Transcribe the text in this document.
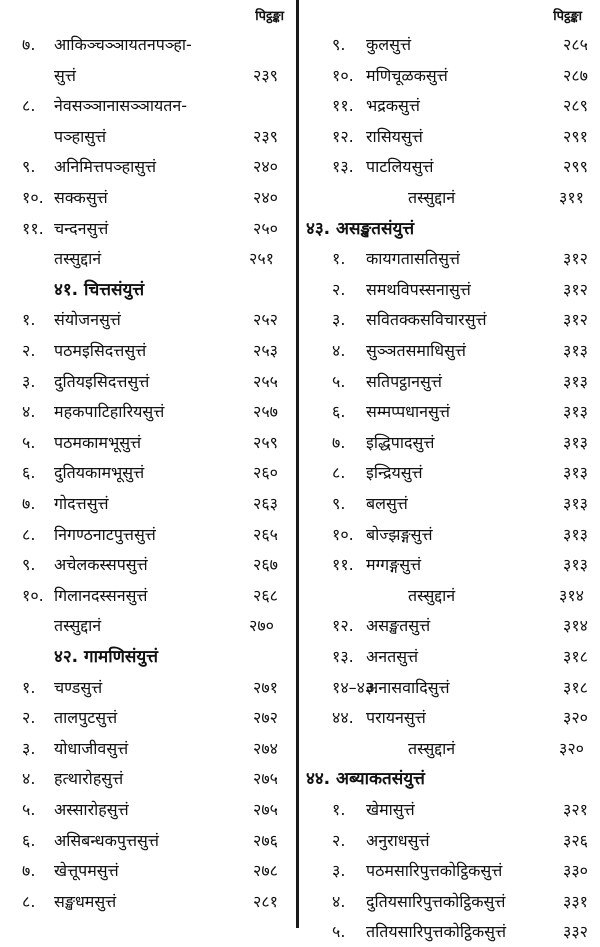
पिट्ठङ्का
७. आकिञ्चञ्ञायतनपञ्हा-
सुत्तं	२३९
८. नेवसञ्ञानासञ्ञायतन-
पञ्हासुत्तं	२३९
९. अनिमित्तपञ्हासुत्तं	२४०
१०. सक्कसुत्तं	२४०
११. चन्दनसुत्तं	२५०
तस्सुद्दानं	२५१
४१. चित्तसंयुत्तं
१. संयोजनसुत्तं	२५२
२. पठमइसिदत्तसुत्तं	२५३
३. दुतियइसिदत्तसुत्तं	२५५
४. महकपाटिहारियसुत्तं	२५७
५. पठमकामभूसुत्तं	२५९
६. दुतियकामभूसुत्तं	२६०
७. गोदत्तसुत्तं	२६३
८. निगण्ठनाटपुत्तसुत्तं	२६५
९. अचेलकस्सपसुत्तं	२६७
१०. गिलानदस्सनसुत्तं	२६८
तस्सुद्दानं	२७०
४२. गामणिसंयुत्तं
१. चण्डसुत्तं	२७१
२. तालपुटसुत्तं	२७२
३. योधाजीवसुत्तं	२७४
४. हत्थारोहसुत्तं	२७५
५. अस्सारोहसुत्तं	२७५
६. असिबन्धकपुत्तसुत्तं	२७६
७. खेत्तूपमसुत्तं	२७८
८. सङ्खधमसुत्तं	२८१
पिट्ठङ्का
९. कुलसुत्तं	२८५
१०. मणिचूळकसुत्तं	२८७
११. भद्रकसुत्तं	२८९
१२. रासियसुत्तं	२९१
१३. पाटलियसुत्तं	२९९
तस्सुद्दानं	३११
४३. असङ्खतसंयुत्तं
१. कायगतासतिसुत्तं	३१२
२. समथविपस्सनासुत्तं	३१२
३. सवितक्कसविचारसुत्तं	३१२
४. सुञ्ञतसमाधिसुत्तं	३१३
५. सतिपट्ठानसुत्तं	३१३
६. सम्मप्पधानसुत्तं	३१३
७. इद्धिपादसुत्तं	३१३
८. इन्द्रियसुत्तं	३१३
९. बलसुत्तं	३१३
१०. बोज्झङ्गसुत्तं	३१३
११. मग्गङ्गसुत्तं	३१३
तस्सुद्दानं	३१४
१२. असङ्खतसुत्तं	३१४
१३. अनतसुत्तं	३१८
१४–४३.
अनासवादिसुत्तं	३१८
४४. परायनसुत्तं	३२०
तस्सुद्दानं	३२०
४४. अब्याकतसंयुत्तं
१. खेमासुत्तं	३२१
२. अनुराधसुत्तं	३२६
३. पठमसारिपुत्तकोट्ठिकसुत्तं	३३०
४. दुतियसारिपुत्तकोट्ठिकसुत्तं	३३१
५. ततियसारिपुत्तकोट्ठिकसुत्तं	३३२
